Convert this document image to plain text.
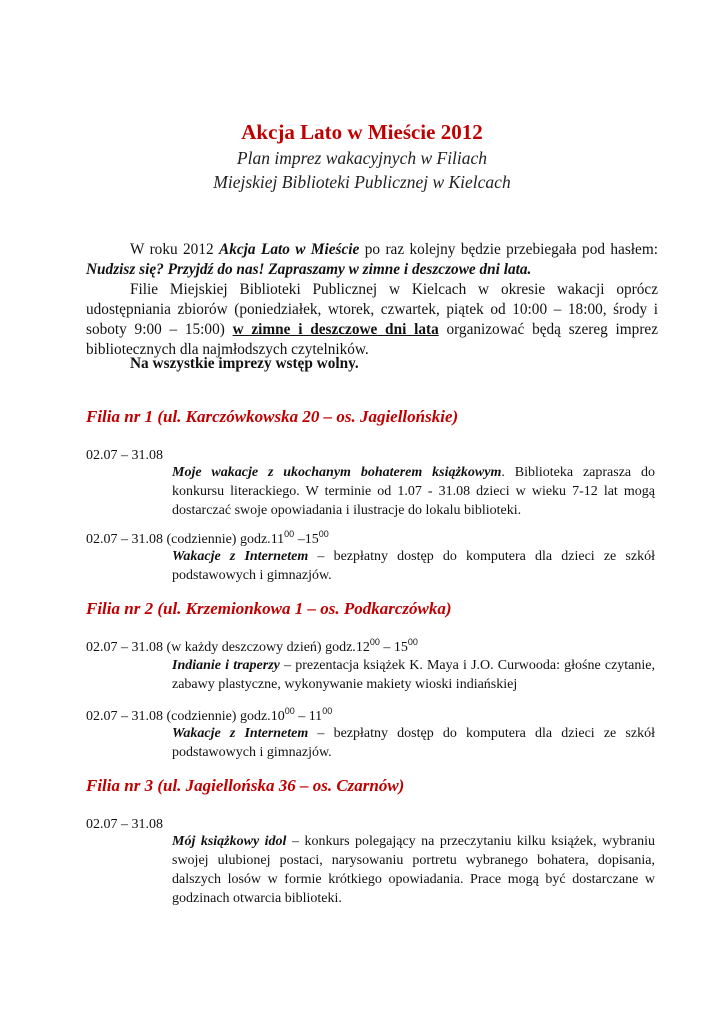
Akcja Lato w Mieście 2012

Plan imprez wakacyjnych w Filiach

Miejskiej Biblioteki Publicznej w Kielcach

W roku 2012 Akcja Lato w Mieście po raz kolejny będzie przebiegała pod hasłem: Nudzisz się? Przyjdź do nas! Zapraszamy w zimne i deszczowe dni lata.
Filie Miejskiej Biblioteki Publicznej w Kielcach w okresie wakacji oprócz udostępniania zbiorów (poniedziałek, wtorek, czwartek, piątek od 10:00 – 18:00, środy i soboty 9:00 – 15:00) w zimne i deszczowe dni lata organizować będą szereg imprez bibliotecznych dla najmłodszych czytelników.

Na wszystkie imprezy wstęp wolny.

Filia nr 1 (ul. Karczówkowska 20 – os. Jagiellońskie)

02.07 – 31.08

Moje wakacje z ukochanym bohaterem książkowym. Biblioteka zaprasza do konkursu literackiego. W terminie od 1.07 - 31.08 dzieci w wieku 7-12 lat mogą dostarczać swoje opowiadania i ilustracje do lokalu biblioteki.

02.07 – 31.08 (codziennie) $godz.11^{00}$ $-15^{00}$

Wakacje z Internetem – bezpłatny dostęp do komputera dla dzieci ze szkół podstawowych i gimnazjów.

Filia nr 2 (ul. Krzemionkowa 1 – os. Podkarczówka)

02.07 – 31.08 (w każdy deszczowy dzień) $godz.12^{00} - 15^{00}$

Indianie i traperzy – prezentacja książek K. Maya i J.O. Curwooda: głośne czytanie, zabawy plastyczne, wykonywanie makiety wioski indiańskiej

02.07 – 31.08 (codziennie) $godz.10^{00} - 11^{00}$

Wakacje z Internetem – bezpłatny dostęp do komputera dla dzieci ze szkół podstawowych i gimnazjów.

Filia nr 3 (ul. Jagiellońska 36 – os. Czarnów)

02.07 – 31.08

Mój książkowy idol – konkurs polegający na przeczytaniu kilku książek, wybraniu swojej ulubionej postaci, narysowaniu portretu wybranego bohatera, dopisania, dalszych losów w formie krótkiego opowiadania. Prace mogą być dostarczane w godzinach otwarcia biblioteki.
